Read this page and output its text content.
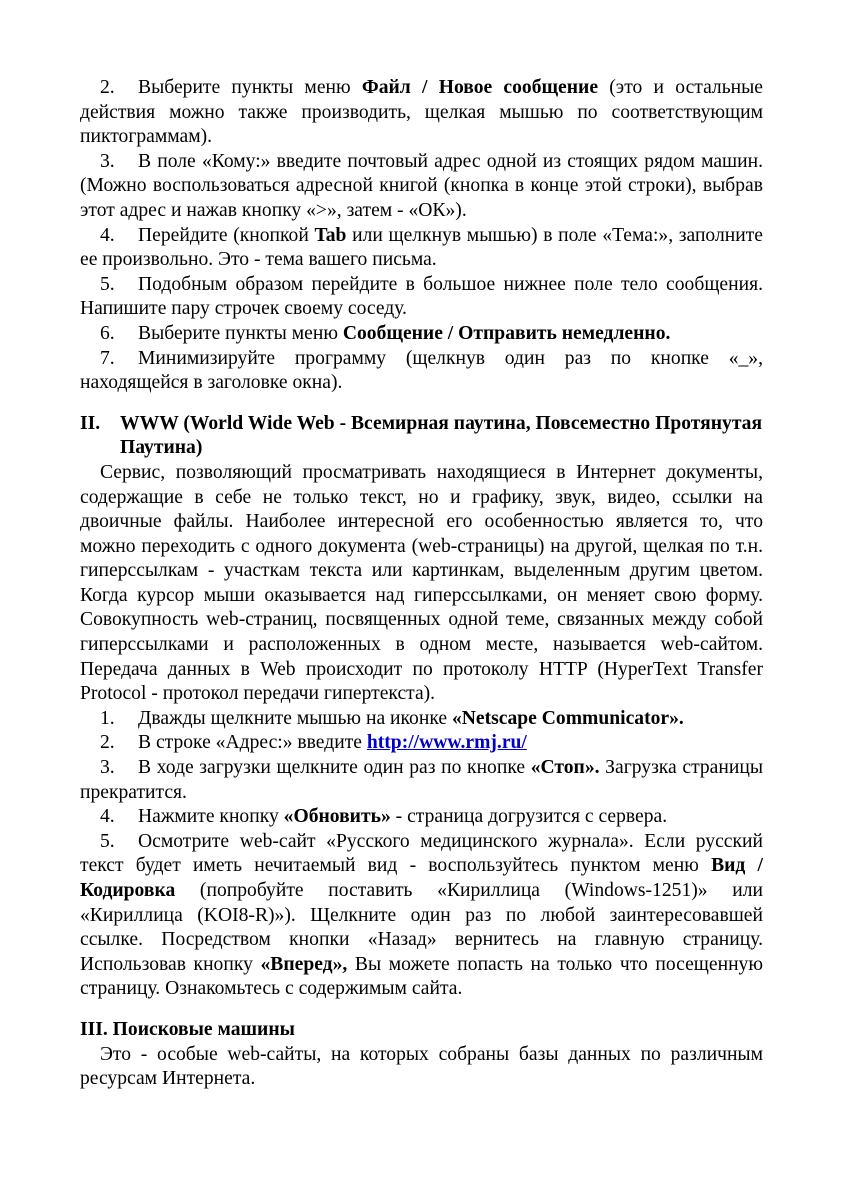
2. Выберите пункты меню Файл / Новое сообщение (это и остальные действия можно также производить, щелкая мышью по соответствующим пиктограммам).

3. В поле «Кому:» введите почтовый адрес одной из стоящих рядом машин. (Можно воспользоваться адресной книгой (кнопка в конце этой строки), выбрав этот адрес и нажав кнопку «>», затем - «ОК»).

4. Перейдите (кнопкой Tab или щелкнув мышью) в поле «Тема:», заполните ее произвольно. Это - тема вашего письма.

5. Подобным образом перейдите в большое нижнее поле тело сообщения. Напишите пару строчек своему соседу.

6. Выберите пункты меню Сообщение / Отправить немедленно.

7. Минимизируйте программу (щелкнув один раз по кнопке «_», находящейся в заголовке окна).

II. WWW (World Wide Web - Всемирная паутина, Повсеместно Протянутая Паутина)

Сервис, позволяющий просматривать находящиеся в Интернет документы, содержащие в себе не только текст, но и графику, звук, видео, ссылки на двоичные файлы. Наиболее интересной его особенностью является то, что можно переходить с одного документа (web-страницы) на другой, щелкая по т.н. гиперссылкам - участкам текста или картинкам, выделенным другим цветом. Когда курсор мыши оказывается над гиперссылками, он меняет свою форму. Совокупность web-страниц, посвященных одной теме, связанных между собой гиперссылками и расположенных в одном месте, называется web-сайтом. Передача данных в Web происходит по протоколу HTTP (HyperText Transfer Protocol - протокол передачи гипертекста).

1. Дважды щелкните мышью на иконке «Netscape Communicator».

2. В строке «Адрес:» введите http://www.rmj.ru/

3. В ходе загрузки щелкните один раз по кнопке «Стоп». Загрузка страницы прекратится.

4. Нажмите кнопку «Обновить» - страница догрузится с сервера.

5. Осмотрите web-сайт «Русского медицинского журнала». Если русский текст будет иметь нечитаемый вид - воспользуйтесь пунктом меню Вид / Кодировка (попробуйте поставить «Кириллица (Windows-1251)» или «Кириллица (KOI8-R)»). Щелкните один раз по любой заинтересовавшей ссылке. Посредством кнопки «Назад» вернитесь на главную страницу. Использовав кнопку «Вперед», Вы можете попасть на только что посещенную страницу. Ознакомьтесь с содержимым сайта.

III. Поисковые машины

Это - особые web-сайты, на которых собраны базы данных по различным ресурсам Интернета.
